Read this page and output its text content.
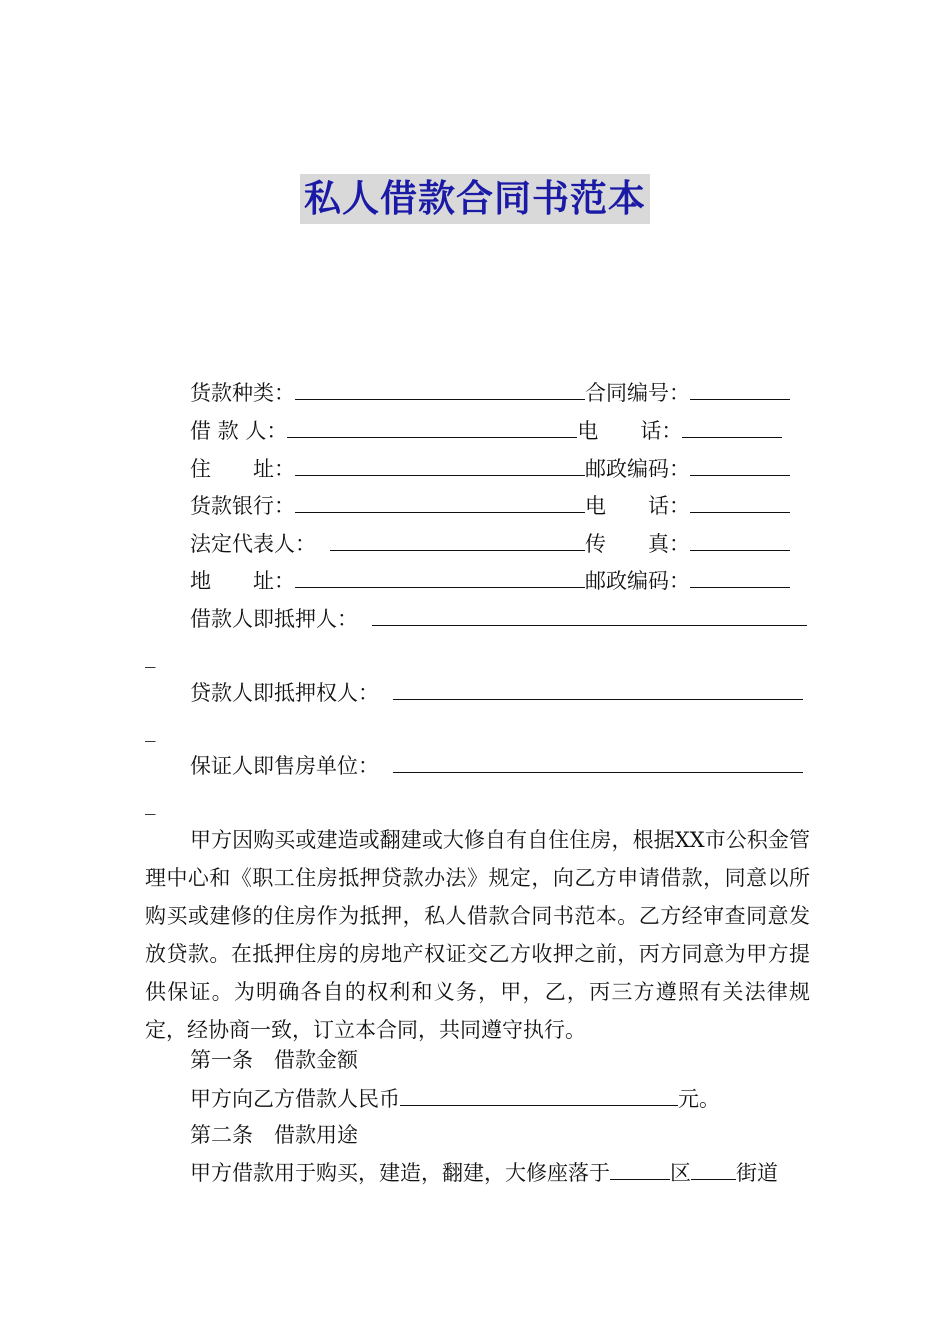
私人借款合同书范本
货款种类：	合同编号：
借 款 人：	电　　话：
住　　址：	邮政编码：
货款银行：	电　　话：
法定代表人：	传　　真：
地　　址：	邮政编码：
借款人即抵押人：
_
贷款人即抵押权人：
_
保证人即售房单位：
_
甲方因购买或建造或翻建或大修自有自住住房，根据XX市公积金管理中心和《职工住房抵押贷款办法》规定，向乙方申请借款，同意以所购买或建修的住房作为抵押，私人借款合同书范本。乙方经审查同意发放贷款。在抵押住房的房地产权证交乙方收押之前，丙方同意为甲方提供保证。为明确各自的权利和义务，甲，乙，丙三方遵照有关法律规定，经协商一致，订立本合同，共同遵守执行。
第一条　借款金额
甲方向乙方借款人民币	元。
第二条　借款用途
甲方借款用于购买，建造，翻建，大修座落于	区 街道
